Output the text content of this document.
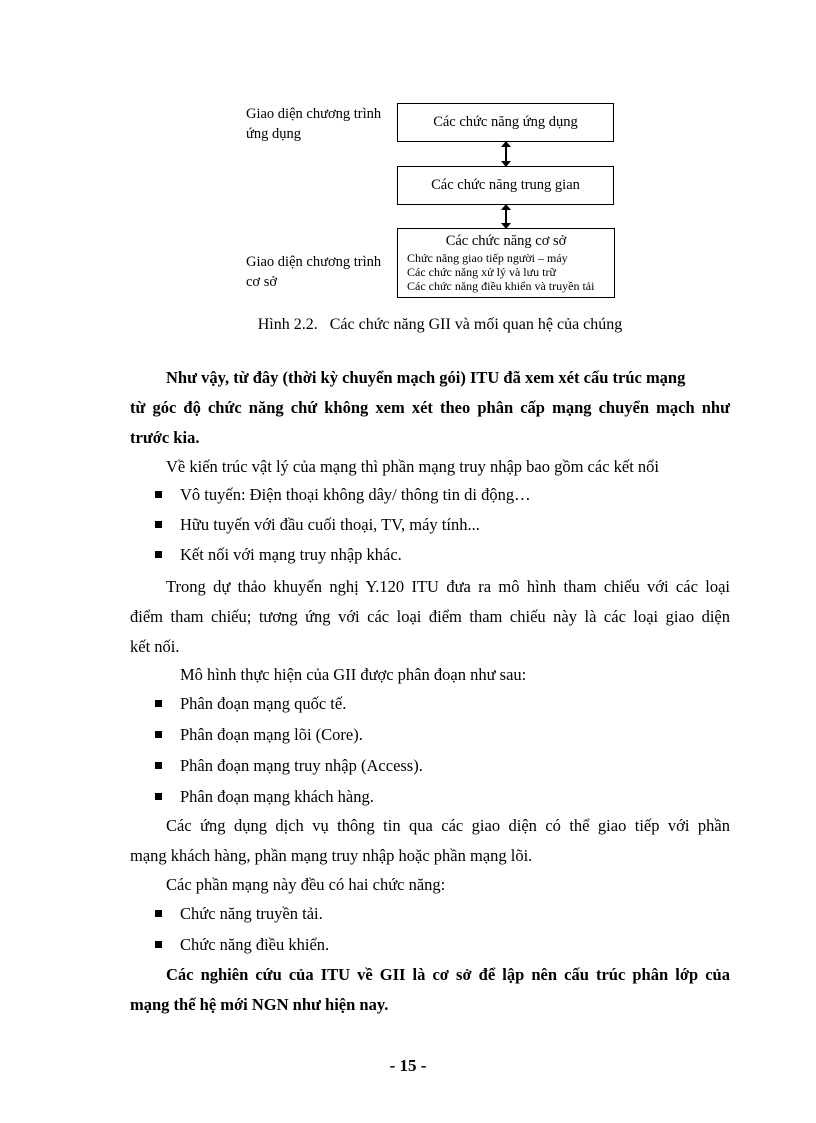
Giao diện chương trình
ứng dụng
Giao diện chương trình
cơ sở
Các chức năng ứng dụng
Các chức năng trung gian
Các chức năng cơ sở
Chức năng giao tiếp người – máy
Các chức năng xử lý và lưu trữ
Các chức năng điều khiển và truyền tải
Hình 2.2.   Các chức năng GII và mối quan hệ của chúng
Như vậy, từ đây (thời kỳ chuyển mạch gói) ITU đã xem xét cấu trúc mạng
từ góc độ chức năng chứ không xem xét theo phân cấp mạng chuyển mạch như
trước kia.
Về kiến trúc vật lý của mạng thì phần mạng truy nhập bao gồm các kết nối
Vô tuyến: Điện thoại không dây/ thông tin di động…
Hữu tuyến với đầu cuối thoại, TV, máy tính...
Kết nối với mạng truy nhập khác.
Trong dự thảo khuyến nghị Y.120 ITU đưa ra mô hình tham chiếu với các loại
điểm tham chiếu; tương ứng với các loại điểm tham chiếu này là các loại giao diện
kết nối.
Mô hình thực hiện của GII được phân đoạn như sau:
Phân đoạn mạng quốc tế.
Phân đoạn mạng lõi (Core).
Phân đoạn mạng truy nhập (Access).
Phân đoạn mạng khách hàng.
Các ứng dụng dịch vụ thông tin qua các giao diện có thể giao tiếp với phần
mạng khách hàng, phần mạng truy nhập hoặc phần mạng lõi.
Các phần mạng này đều có hai chức năng:
Chức năng truyền tải.
Chức năng điều khiển.
Các nghiên cứu của ITU về GII là cơ sở để lập nên cấu trúc phân lớp của
mạng thế hệ mới NGN như hiện nay.
- 15 -
